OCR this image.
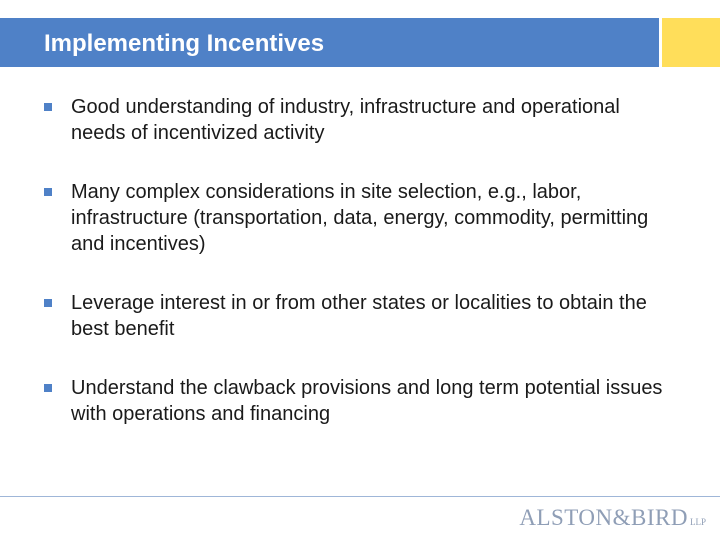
Implementing Incentives
Good understanding of industry, infrastructure and operational needs of incentivized activity
Many complex considerations in site selection, e.g., labor, infrastructure (transportation, data, energy, commodity, permitting and incentives)
Leverage interest in or from other states or localities to obtain the best benefit
Understand the clawback provisions and long term potential issues with operations and financing
ALSTON&BIRD LLP
